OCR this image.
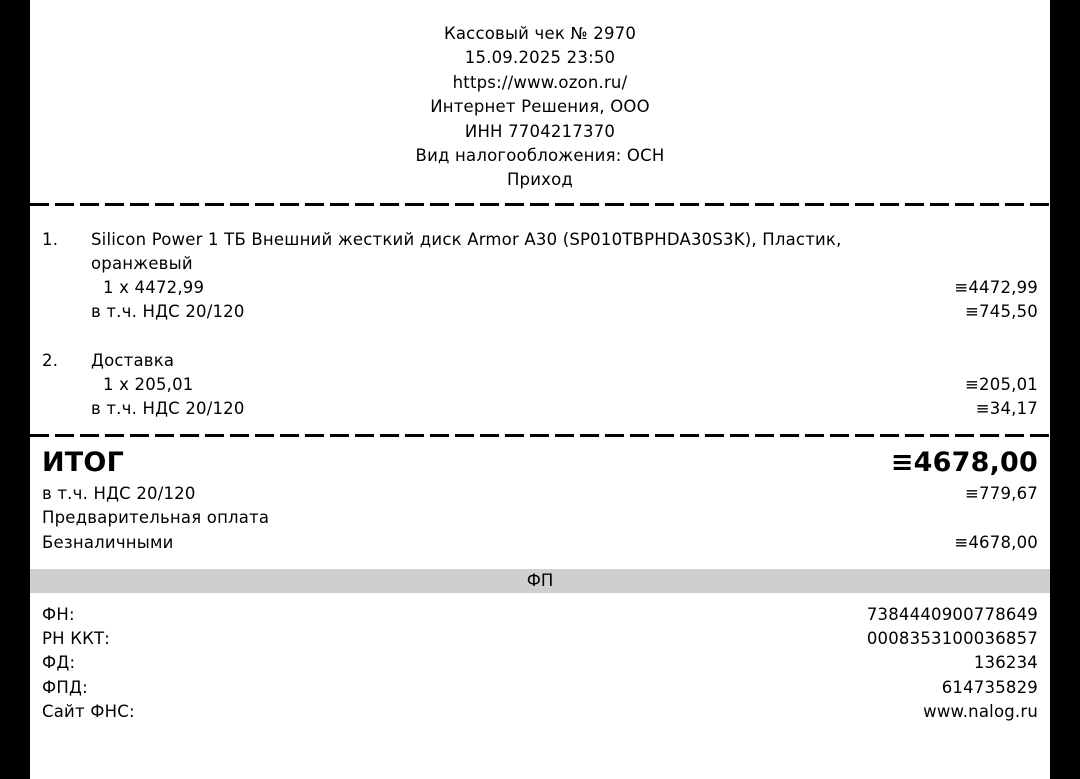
Кассовый чек № 2970
15.09.2025 23:50
https://www.ozon.ru/
Интернет Решения, ООО
ИНН 7704217370
Вид налогообложения: ОСН
Приход
1. Silicon Power 1 ТБ Внешний жесткий диск Armor A30 (SP010TBPHDA30S3K), Пластик,
оранжевый
1 x 4472,99	≡4472,99
в т.ч. НДС 20/120	≡745,50
2. Доставка
1 x 205,01	≡205,01
в т.ч. НДС 20/120	≡34,17
ИТОГ	≡4678,00
в т.ч. НДС 20/120	≡779,67
Предварительная оплата
Безналичными	≡4678,00
ФП
ФН:	7384440900778649
РН ККТ:	0008353100036857
ФД:	136234
ФПД:	614735829
Сайт ФНС:	www.nalog.ru
